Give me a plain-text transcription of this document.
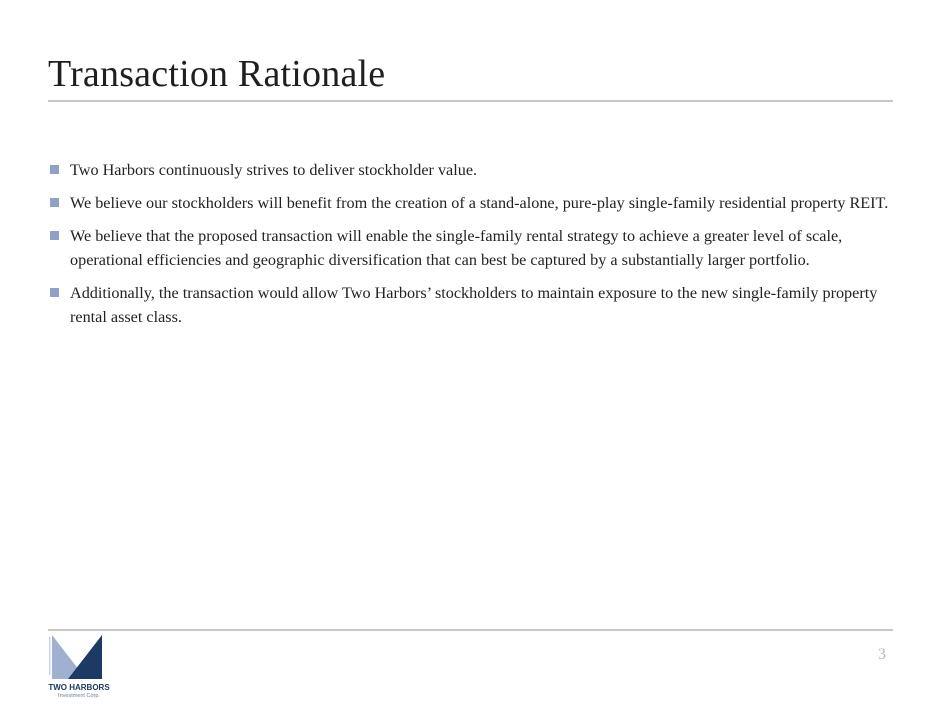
Transaction Rationale
Two Harbors continuously strives to deliver stockholder value.
We believe our stockholders will benefit from the creation of a stand-alone, pure-play single-family residential property REIT.
We believe that the proposed transaction will enable the single-family rental strategy to achieve a greater level of scale, operational efficiencies and geographic diversification that can best be captured by a substantially larger portfolio.
Additionally, the transaction would allow Two Harbors’ stockholders to maintain exposure to the new single-family property rental asset class.
TWO HARBORS
Investment Corp.
3
